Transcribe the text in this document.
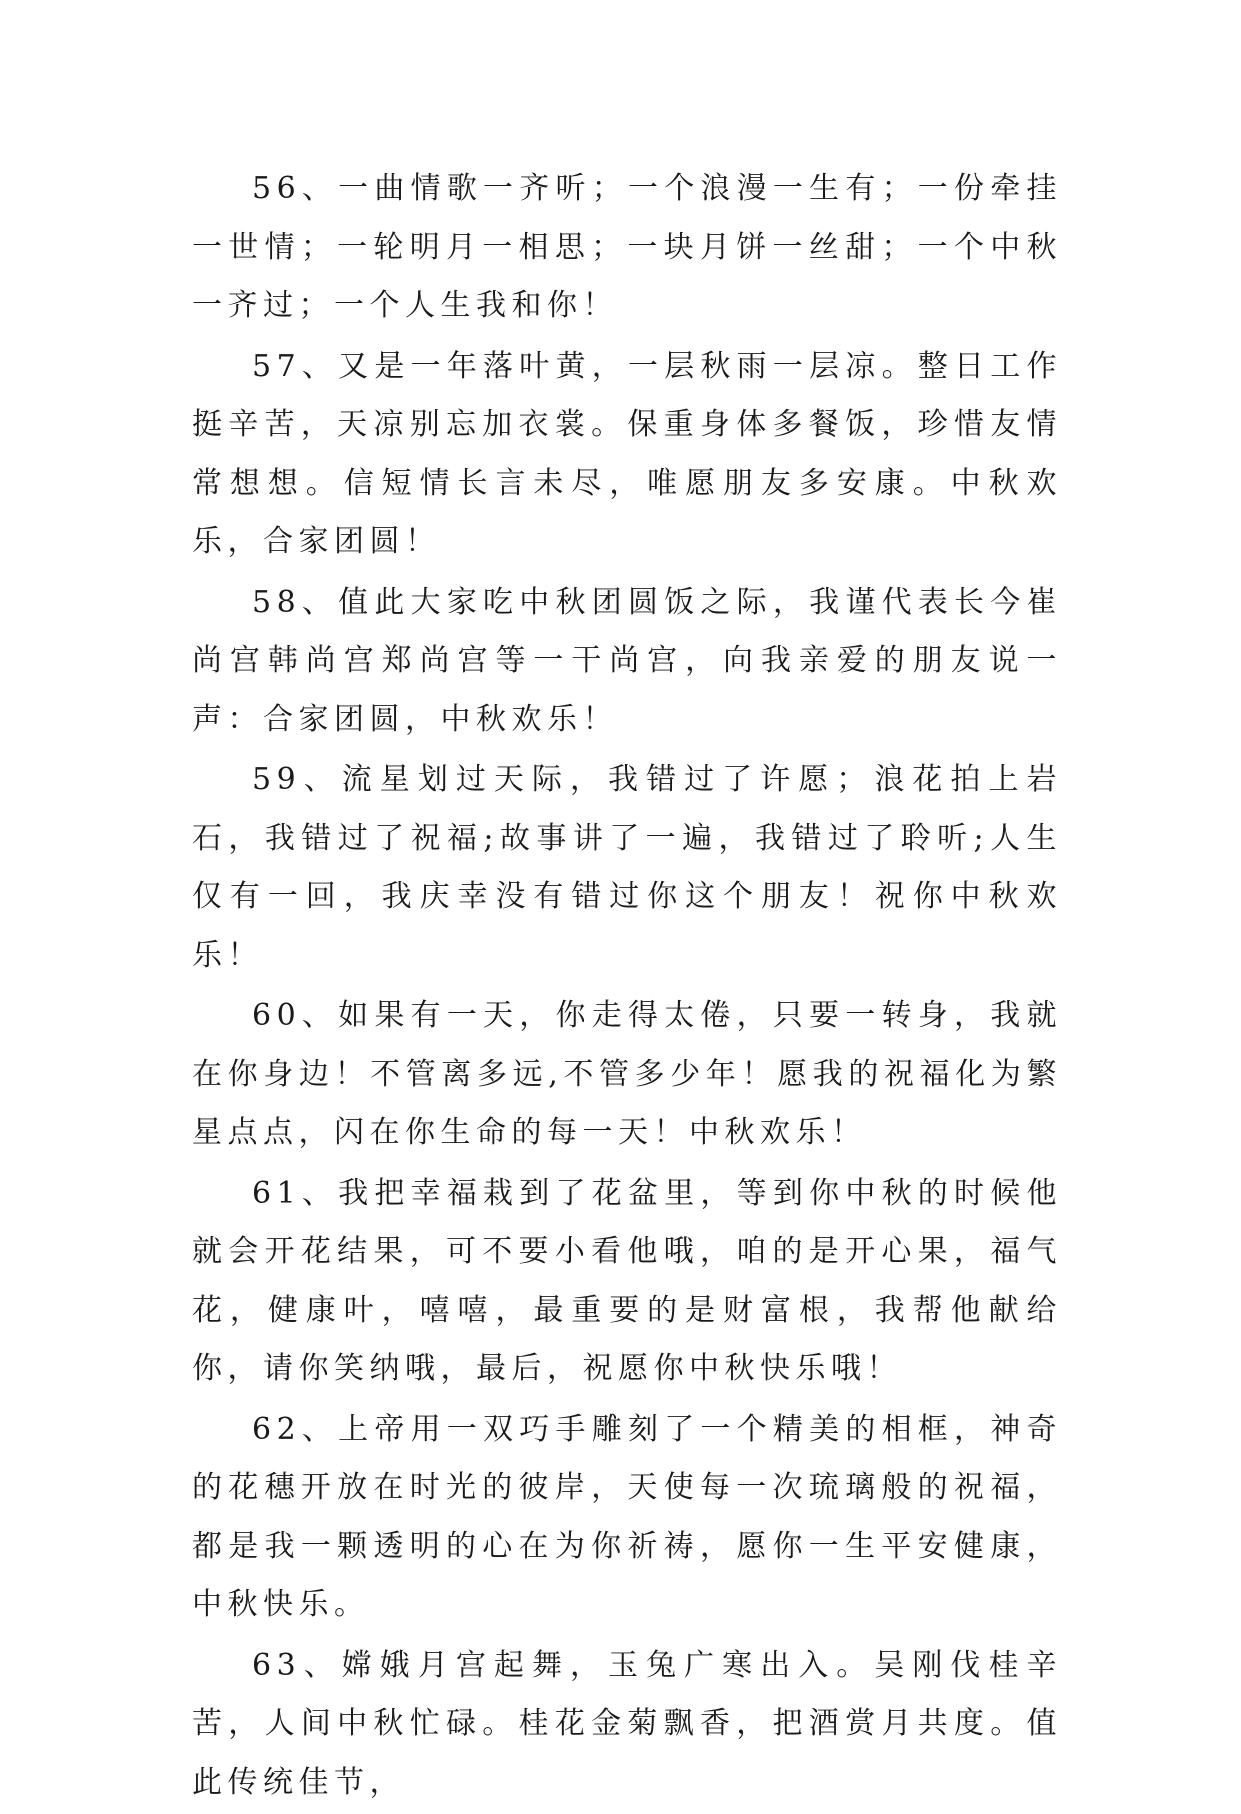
56、一曲情歌一齐听；一个浪漫一生有；一份牵挂一世情；一轮明月一相思；一块月饼一丝甜；一个中秋一齐过；一个人生我和你！

57、又是一年落叶黄，一层秋雨一层凉。整日工作挺辛苦，天凉别忘加衣裳。保重身体多餐饭，珍惜友情常想想。信短情长言未尽，唯愿朋友多安康。中秋欢乐，合家团圆！

58、值此大家吃中秋团圆饭之际，我谨代表长今崔尚宫韩尚宫郑尚宫等一干尚宫，向我亲爱的朋友说一声：合家团圆，中秋欢乐！

59、流星划过天际，我错过了许愿；浪花拍上岩石，我错过了祝福;故事讲了一遍，我错过了聆听;人生仅有一回，我庆幸没有错过你这个朋友！祝你中秋欢乐！

60、如果有一天，你走得太倦，只要一转身，我就在你身边！不管离多远,不管多少年！愿我的祝福化为繁星点点，闪在你生命的每一天！中秋欢乐！

61、我把幸福栽到了花盆里，等到你中秋的时候他就会开花结果，可不要小看他哦，咱的是开心果，福气花，健康叶，嘻嘻，最重要的是财富根，我帮他献给你，请你笑纳哦，最后，祝愿你中秋快乐哦！

62、上帝用一双巧手雕刻了一个精美的相框，神奇的花穗开放在时光的彼岸，天使每一次琉璃般的祝福，都是我一颗透明的心在为你祈祷，愿你一生平安健康，中秋快乐。

63、嫦娥月宫起舞，玉兔广寒出入。吴刚伐桂辛苦，人间中秋忙碌。桂花金菊飘香，把酒赏月共度。值此传统佳节，
